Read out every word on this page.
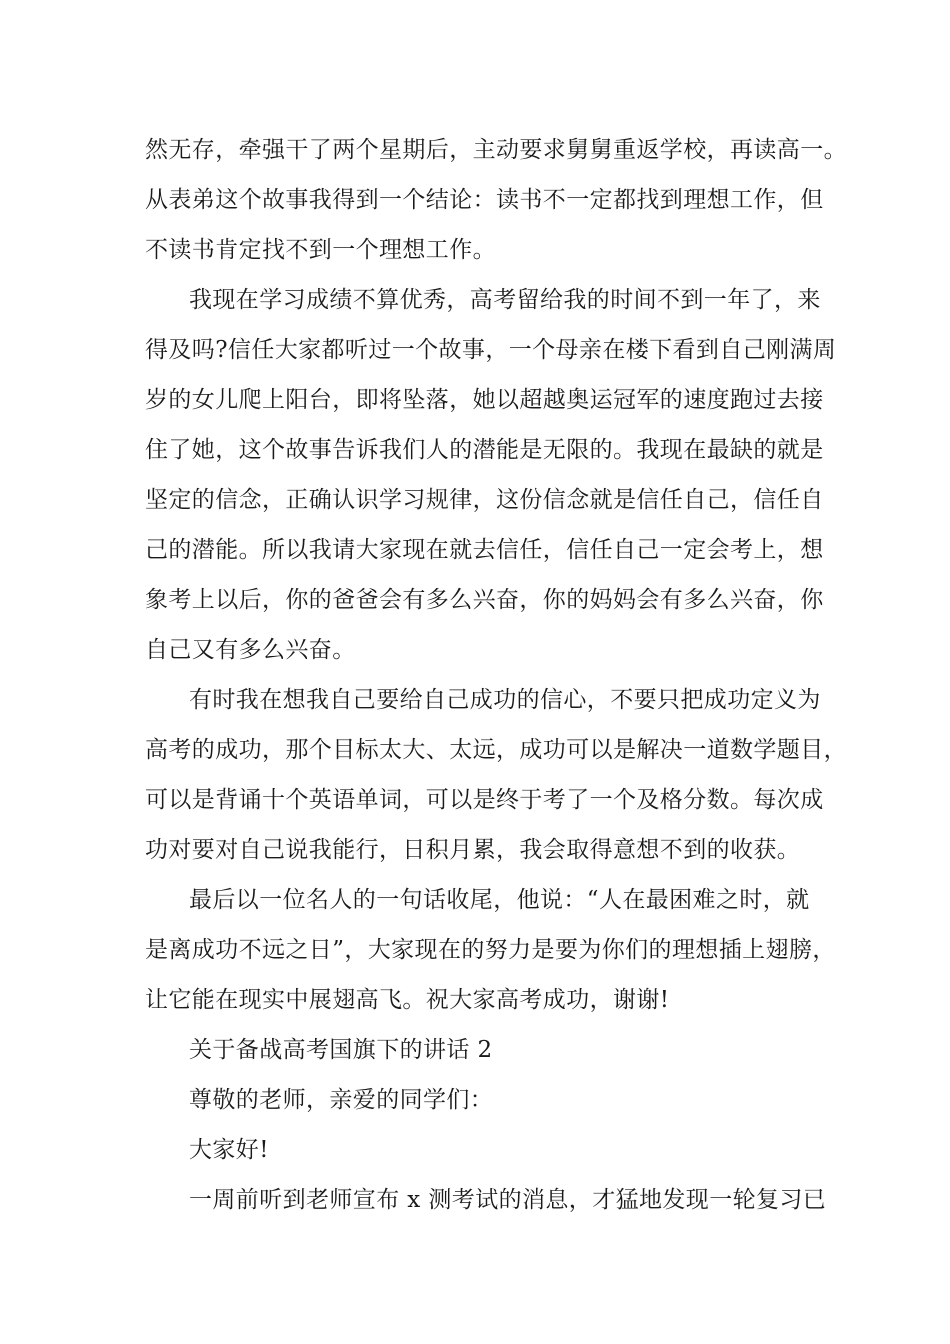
然无存，牵强干了两个星期后，主动要求舅舅重返学校，再读高一。

从表弟这个故事我得到一个结论：读书不一定都找到理想工作，但

不读书肯定找不到一个理想工作。

我现在学习成绩不算优秀，高考留给我的时间不到一年了，来

得及吗?信任大家都听过一个故事，一个母亲在楼下看到自己刚满周

岁的女儿爬上阳台，即将坠落，她以超越奥运冠军的速度跑过去接

住了她，这个故事告诉我们人的潜能是无限的。我现在最缺的就是

坚定的信念，正确认识学习规律，这份信念就是信任自己，信任自

己的潜能。所以我请大家现在就去信任，信任自己一定会考上，想

象考上以后，你的爸爸会有多么兴奋，你的妈妈会有多么兴奋，你

自己又有多么兴奋。

有时我在想我自己要给自己成功的信心，不要只把成功定义为

高考的成功，那个目标太大、太远，成功可以是解决一道数学题目，

可以是背诵十个英语单词，可以是终于考了一个及格分数。每次成

功对要对自己说我能行，日积月累，我会取得意想不到的收获。

最后以一位名人的一句话收尾，他说：“人在最困难之时，就

是离成功不远之日”，大家现在的努力是要为你们的理想插上翅膀，

让它能在现实中展翅高飞。祝大家高考成功，谢谢!

关于备战高考国旗下的讲话 2

尊敬的老师，亲爱的同学们：

大家好!

一周前听到老师宣布 x 测考试的消息，才猛地发现一轮复习已
